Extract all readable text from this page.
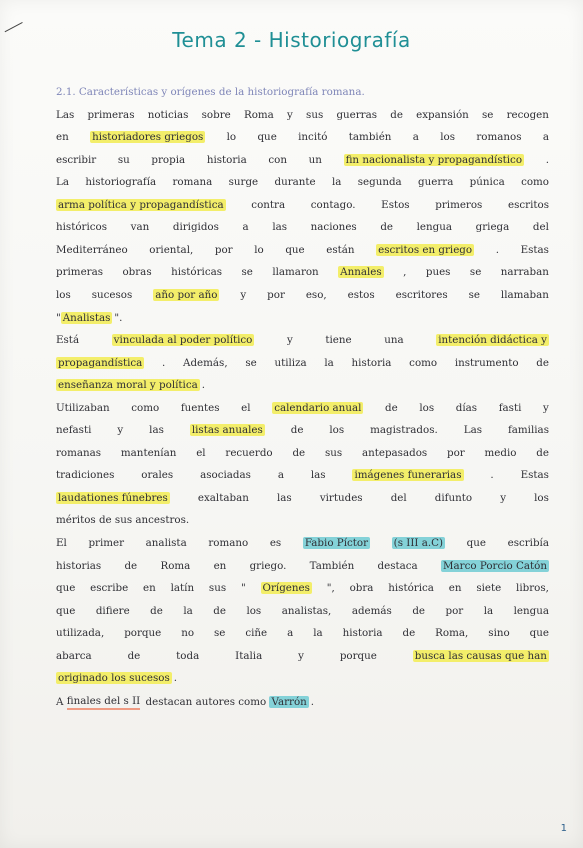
Tema 2 - Historiografía
2.1. Características y orígenes de la historiografía romana.
Las primeras noticias sobre Roma y sus guerras de expansión se recogen
en historiadores griegos lo que incitó también a los romanos a
escribir su propia historia con un fin nacionalista y propagandístico .
La historiografía romana surge durante la segunda guerra púnica como
arma política y propagandística	contra contago. Estos primeros escritos
históricos van dirigidos a las naciones de lengua griega del
Mediterráneo oriental, por lo que están escritos en griego . Estas
primeras obras históricas se llamaron Annales , pues se narraban
los sucesos año por año y por eso, estos escritores se llamaban
" Analistas ".
Está	vinculada al poder político	y	tiene	una	intención didáctica y
propagandística . Además, se utiliza la historia como instrumento de
enseñanza moral y política .
Utilizaban como fuentes el calendario anual de los días fasti y
nefasti	y	las	listas anuales	de	los	magistrados.	Las	familias
romanas mantenían el recuerdo de sus antepasados por medio de
tradiciones	orales	asociadas	a	las	imágenes funerarias	.	Estas
laudationes fúnebres	exaltaban	las	virtudes	del	difunto	y	los
méritos de sus ancestros.
El primer analista romano es Fabio Píctor (s III a.C) que escribía
historias de Roma en griego. También destaca Marco Porcio Catón
que escribe en latín sus " Orígenes ", obra histórica en siete libros,
que difiere de la de los analistas, además de por la lengua
utilizada, porque no se ciñe a la historia de Roma, sino que
abarca	de	toda	Italia	y	porque	busca las causas que han
originado los sucesos .
A finales del s II destacan autores como Varrón .
1
